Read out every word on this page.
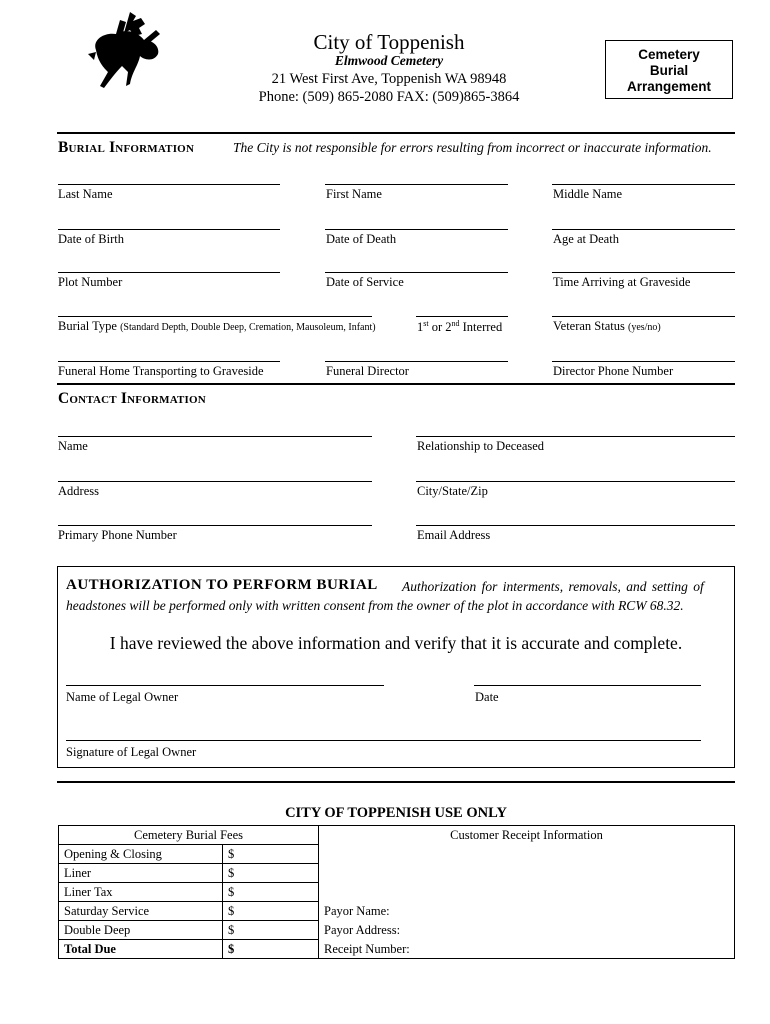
City of Toppenish
Elmwood Cemetery
21 West First Ave, Toppenish WA 98948
Phone: (509) 865-2080 FAX: (509)865-3864
Cemetery
Burial
Arrangement
Burial Information	The City is not responsible for errors resulting from incorrect or inaccurate information.
Last Name	First Name	Middle Name
Date of Birth	Date of Death	Age at Death
Plot Number	Date of Service	Time Arriving at Graveside
Burial Type (Standard Depth, Double Deep, Cremation, Mausoleum, Infant)	1st or 2nd Interred	Veteran Status (yes/no)
Funeral Home Transporting to Graveside	Funeral Director	Director Phone Number
Contact Information
Name	Relationship to Deceased
Address	City/State/Zip
Primary Phone Number	Email Address
AUTHORIZATION TO PERFORM BURIAL Authorization for interments, removals, and setting of
headstones will be performed only with written consent from the owner of the plot in accordance with RCW 68.32.
I have reviewed the above information and verify that it is accurate and complete.
Name of Legal Owner	Date
Signature of Legal Owner
CITY OF TOPPENISH USE ONLY
Cemetery Burial Fees		Customer Receipt Information
Opening & Closing	$	
Liner	$	
Liner Tax	$	
Saturday Service	$	Payor Name:
Double Deep	$	Payor Address:
Total Due	$	Receipt Number:
